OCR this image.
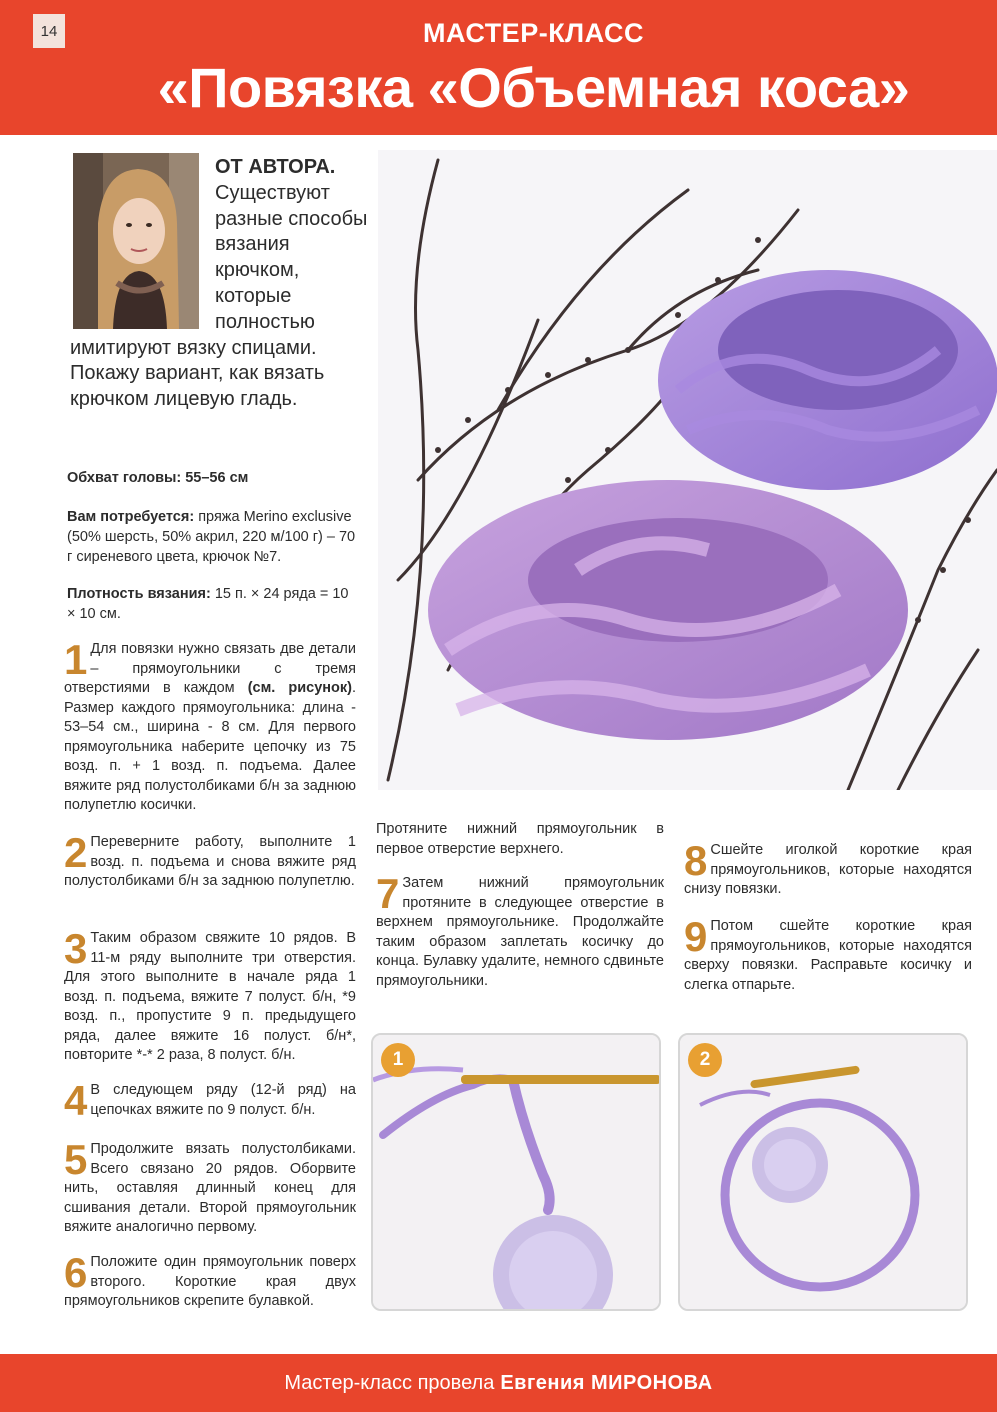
14	МАСТЕР-КЛАСС
«Повязка «Объемная коса»
ОТ АВТОРА. Существуют разные способы вязания крючком, которые полностью имитируют вязку спицами. Покажу вариант, как вязать крючком лицевую гладь.
Обхват головы: 55–56 см
Вам потребуется: пряжа Merino exclusive (50% шерсть, 50% акрил, 220 м/100 г) – 70 г сиреневого цвета, крючок №7.
Плотность вязания: 15 п. × 24 ряда = 10 × 10 см.
1 Для повязки нужно связать две детали – прямоугольники с тремя отверстиями в каждом (см. рисунок). Размер каждого прямоугольника: длина - 53–54 см., ширина - 8 см. Для первого прямоугольника наберите цепочку из 75 возд. п. + 1 возд. п. подъема. Далее вяжите ряд полустолбиками б/н за заднюю полупетлю косички.
2 Переверните работу, выполните 1 возд. п. подъема и снова вяжите ряд полустолбиками б/н за заднюю полупетлю.
3 Таким образом свяжите 10 рядов. В 11-м ряду выполните три отверстия. Для этого выполните в начале ряда 1 возд. п. подъема, вяжите 7 полуст. б/н, *9 возд. п., пропустите 9 п. предыдущего ряда, далее вяжите 16 полуст. б/н*, повторите *-* 2 раза, 8 полуст. б/н.
4 В следующем ряду (12-й ряд) на цепочках вяжите по 9 полуст. б/н.
5 Продолжите вязать полустолбиками. Всего связано 20 рядов. Оборвите нить, оставляя длинный конец для сшивания детали. Второй прямоугольник вяжите аналогично первому.
6 Положите один прямоугольник поверх второго. Короткие края двух прямоугольников скрепите булавкой.
Протяните нижний прямоугольник в первое отверстие верхнего.
7 Затем нижний прямоугольник протяните в следующее отверстие в верхнем прямоугольнике. Продолжайте таким образом заплетать косичку до конца. Булавку удалите, немного сдвиньте прямоугольники.
8 Сшейте иголкой короткие края прямоугольников, которые находятся снизу повязки.
9 Потом сшейте короткие края прямоугольников, которые находятся сверху повязки. Расправьте косичку и слегка отпарьте.
1	2
Мастер-класс провела Евгения МИРОНОВА
